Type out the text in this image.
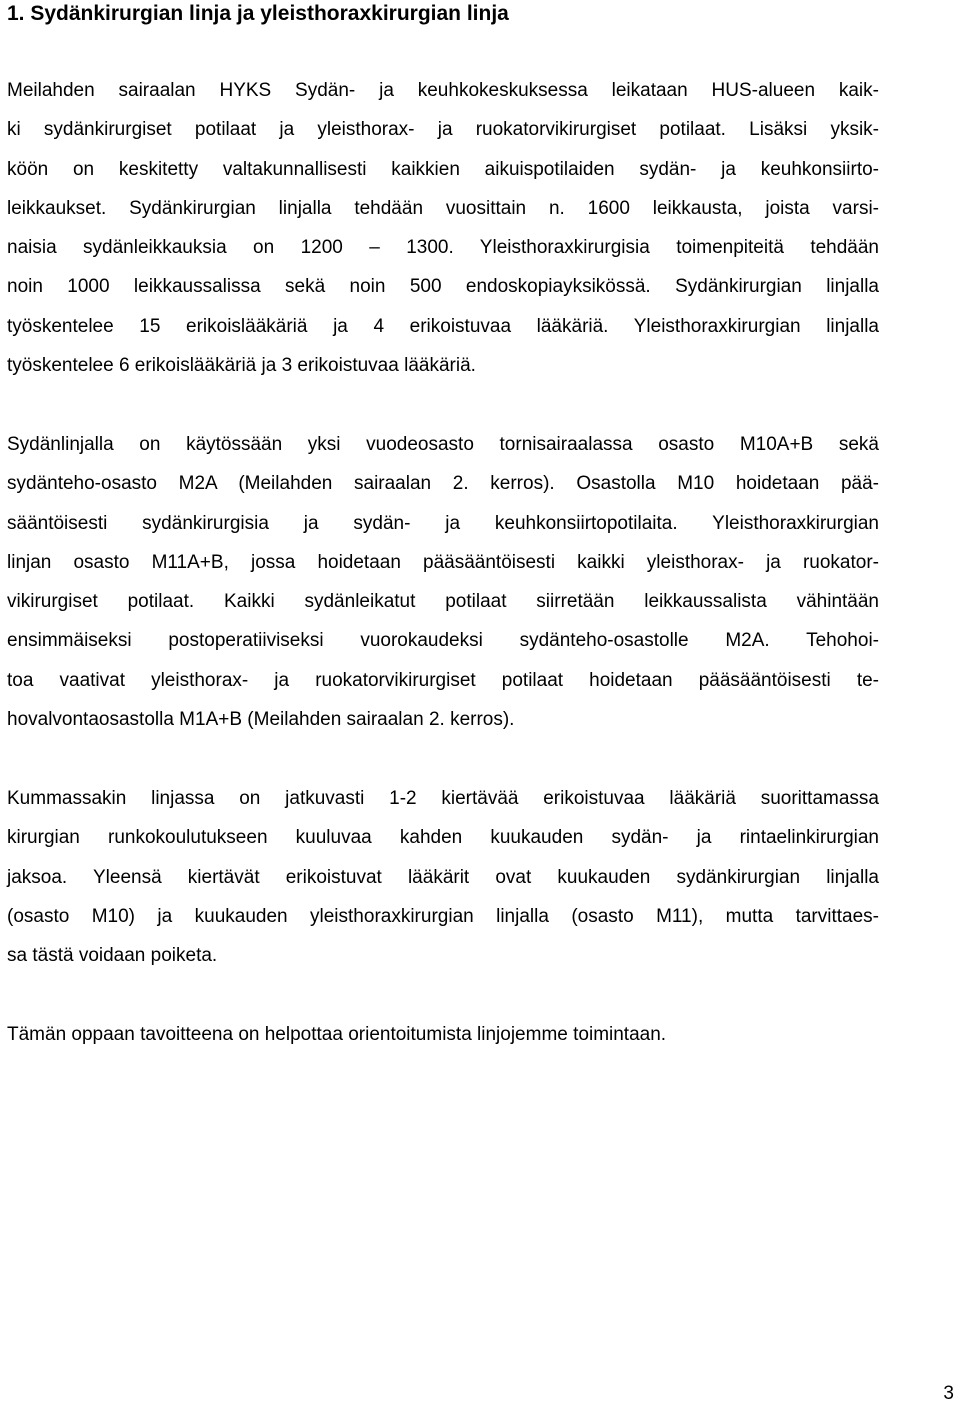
1. Sydänkirurgian linja ja yleisthoraxkirurgian linja
Meilahden sairaalan HYKS Sydän- ja keuhkokeskuksessa leikataan HUS-alueen kaik-
ki sydänkirurgiset potilaat ja yleisthorax- ja ruokatorvikirurgiset potilaat. Lisäksi yksik-
köön on keskitetty valtakunnallisesti kaikkien aikuispotilaiden sydän- ja keuhkonsiirto-
leikkaukset. Sydänkirurgian linjalla tehdään vuosittain n. 1600 leikkausta, joista varsi-
naisia sydänleikkauksia on 1200 – 1300. Yleisthoraxkirurgisia toimenpiteitä tehdään
noin 1000 leikkaussalissa sekä noin 500 endoskopiayksikössä. Sydänkirurgian linjalla
työskentelee 15 erikoislääkäriä ja 4 erikoistuvaa lääkäriä. Yleisthoraxkirurgian linjalla
työskentelee 6 erikoislääkäriä ja 3 erikoistuvaa lääkäriä.
Sydänlinjalla on käytössään yksi vuodeosasto tornisairaalassa osasto M10A+B sekä
sydänteho-osasto M2A (Meilahden sairaalan 2. kerros). Osastolla M10 hoidetaan pää-
sääntöisesti sydänkirurgisia ja sydän- ja keuhkonsiirtopotilaita. Yleisthoraxkirurgian
linjan osasto M11A+B, jossa hoidetaan pääsääntöisesti kaikki yleisthorax- ja ruokator-
vikirurgiset potilaat. Kaikki sydänleikatut potilaat siirretään leikkaussalista vähintään
ensimmäiseksi postoperatiiviseksi vuorokaudeksi sydänteho-osastolle M2A. Tehohoi-
toa vaativat yleisthorax- ja ruokatorvikirurgiset potilaat hoidetaan pääsääntöisesti te-
hovalvontaosastolla M1A+B (Meilahden sairaalan 2. kerros).
Kummassakin linjassa on jatkuvasti 1-2 kiertävää erikoistuvaa lääkäriä suorittamassa
kirurgian runkokoulutukseen kuuluvaa kahden kuukauden sydän- ja rintaelinkirurgian
jaksoa. Yleensä kiertävät erikoistuvat lääkärit ovat kuukauden sydänkirurgian linjalla
(osasto M10) ja kuukauden yleisthoraxkirurgian linjalla (osasto M11), mutta tarvittaes-
sa tästä voidaan poiketa.
Tämän oppaan tavoitteena on helpottaa orientoitumista linjojemme toimintaan.
3
